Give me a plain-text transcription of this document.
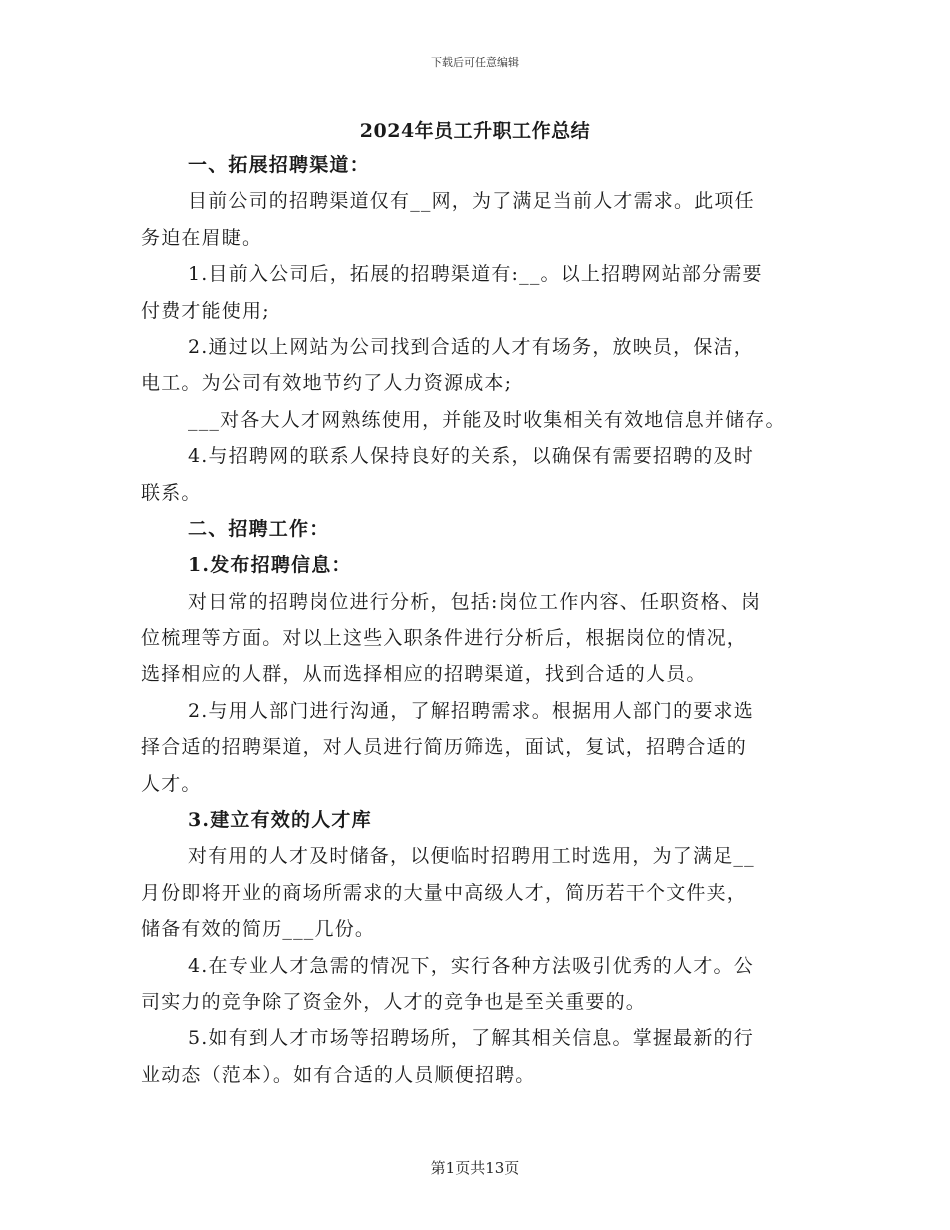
下载后可任意编辑
2024年员工升职工作总结
一、拓展招聘渠道：
目前公司的招聘渠道仅有__网，为了满足当前人才需求。此项任
务迫在眉睫。
1.目前入公司后，拓展的招聘渠道有:__。以上招聘网站部分需要
付费才能使用;
2.通过以上网站为公司找到合适的人才有场务，放映员，保洁，
电工。为公司有效地节约了人力资源成本;
___对各大人才网熟练使用，并能及时收集相关有效地信息并储存。
4.与招聘网的联系人保持良好的关系，以确保有需要招聘的及时
联系。
二、招聘工作：
1.发布招聘信息：
对日常的招聘岗位进行分析，包括:岗位工作内容、任职资格、岗
位梳理等方面。对以上这些入职条件进行分析后，根据岗位的情况，
选择相应的人群，从而选择相应的招聘渠道，找到合适的人员。
2.与用人部门进行沟通，了解招聘需求。根据用人部门的要求选
择合适的招聘渠道，对人员进行简历筛选，面试，复试，招聘合适的
人才。
3.建立有效的人才库
对有用的人才及时储备，以便临时招聘用工时选用，为了满足__
月份即将开业的商场所需求的大量中高级人才，简历若干个文件夹，
储备有效的简历___几份。
4.在专业人才急需的情况下，实行各种方法吸引优秀的人才。公
司实力的竞争除了资金外，人才的竞争也是至关重要的。
5.如有到人才市场等招聘场所，了解其相关信息。掌握最新的行
业动态（范本）。如有合适的人员顺便招聘。
第1页共13页
